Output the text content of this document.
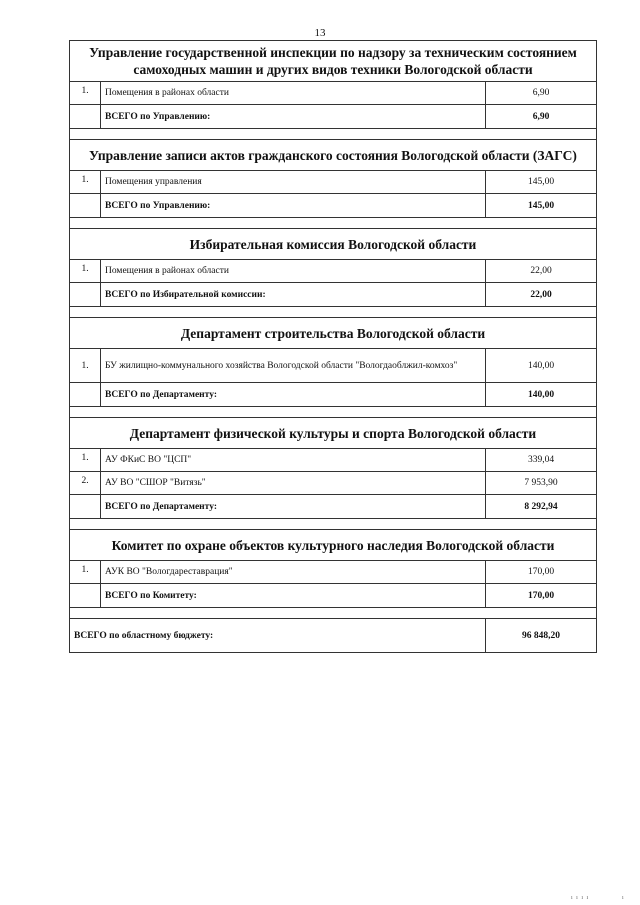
13
Управление государственной инспекции по надзору за техническим состоянием самоходных машин и других видов техники Вологодской области
1.	Помещения в районах области	6,90
ВСЕГО по Управлению:	6,90
Управление записи актов гражданского состояния Вологодской области (ЗАГС)
1.	Помещения управления	145,00
ВСЕГО по Управлению:	145,00
Избирательная комиссия Вологодской области
1.	Помещения в районах области	22,00
ВСЕГО по Избирательной комиссии:	22,00
Департамент строительства Вологодской области
1.	БУ жилищно-коммунального хозяйства Вологодской области "Вологдаоблжил-комхоз"	140,00
ВСЕГО по Департаменту:	140,00
Департамент физической культуры и спорта Вологодской области
1.	АУ ФКиС ВО "ЦСП"	339,04
2.	АУ ВО "СШОР "Витязь"	7 953,90
ВСЕГО по Департаменту:	8 292,94
Комитет по охране объектов культурного наследия Вологодской области
1.	АУК ВО "Вологдареставрация"	170,00
ВСЕГО по Комитету:	170,00
ВСЕГО по областному бюджету:	96 848,20
ı ı ı ı	ı
